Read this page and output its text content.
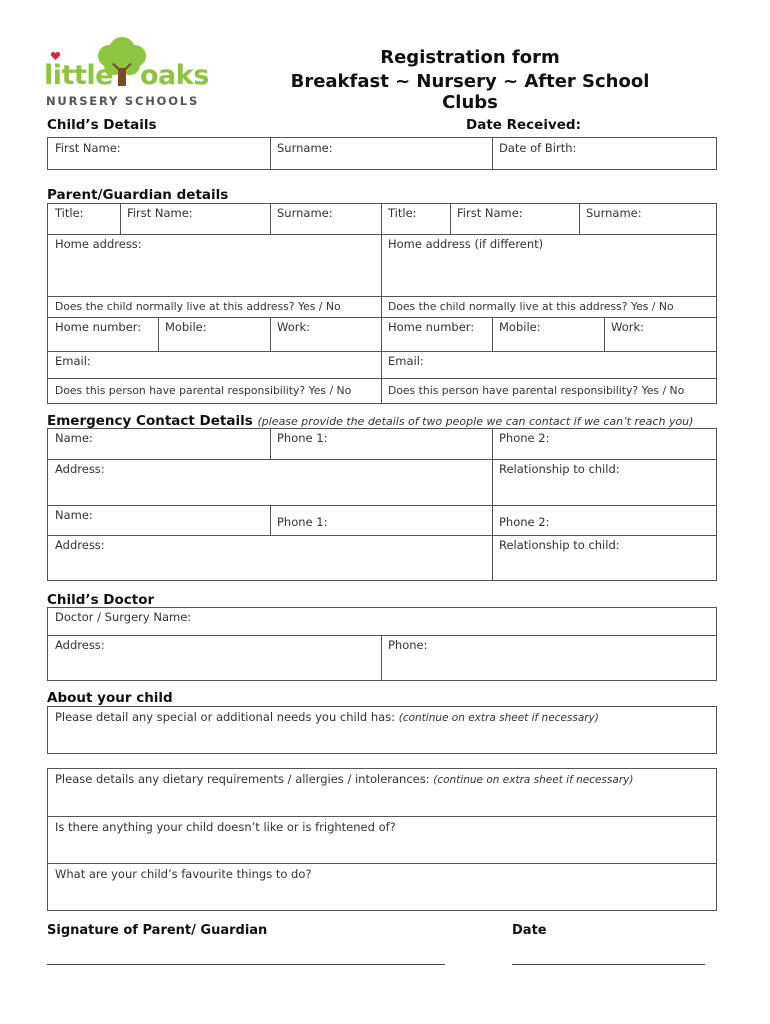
little oaks
NURSERY SCHOOLS
Registration form
Breakfast ~ Nursery ~ After School Clubs
Child’s Details	Date Received:
First Name:	Surname:	Date of Birth:
Parent/Guardian details
Title:	First Name:	Surname:	Title:	First Name:	Surname:
Home address:	Home address (if different)
Does the child normally live at this address? Yes / No	Does the child normally live at this address? Yes / No
Home number:	Mobile:	Work:	Home number:	Mobile:	Work:
Email:	Email:
Does this person have parental responsibility? Yes / No	Does this person have parental responsibility? Yes / No
Emergency Contact Details (please provide the details of two people we can contact if we can’t reach you)
Name:	Phone 1:	Phone 2:
Address:	Relationship to child:
Name:	Phone 1:	Phone 2:
Address:	Relationship to child:
Child’s Doctor
Doctor / Surgery Name:
Address:	Phone:
About your child
Please detail any special or additional needs you child has: (continue on extra sheet if necessary)
Please details any dietary requirements / allergies / intolerances: (continue on extra sheet if necessary)
Is there anything your child doesn’t like or is frightened of?
What are your child’s favourite things to do?
Signature of Parent/ Guardian	Date
